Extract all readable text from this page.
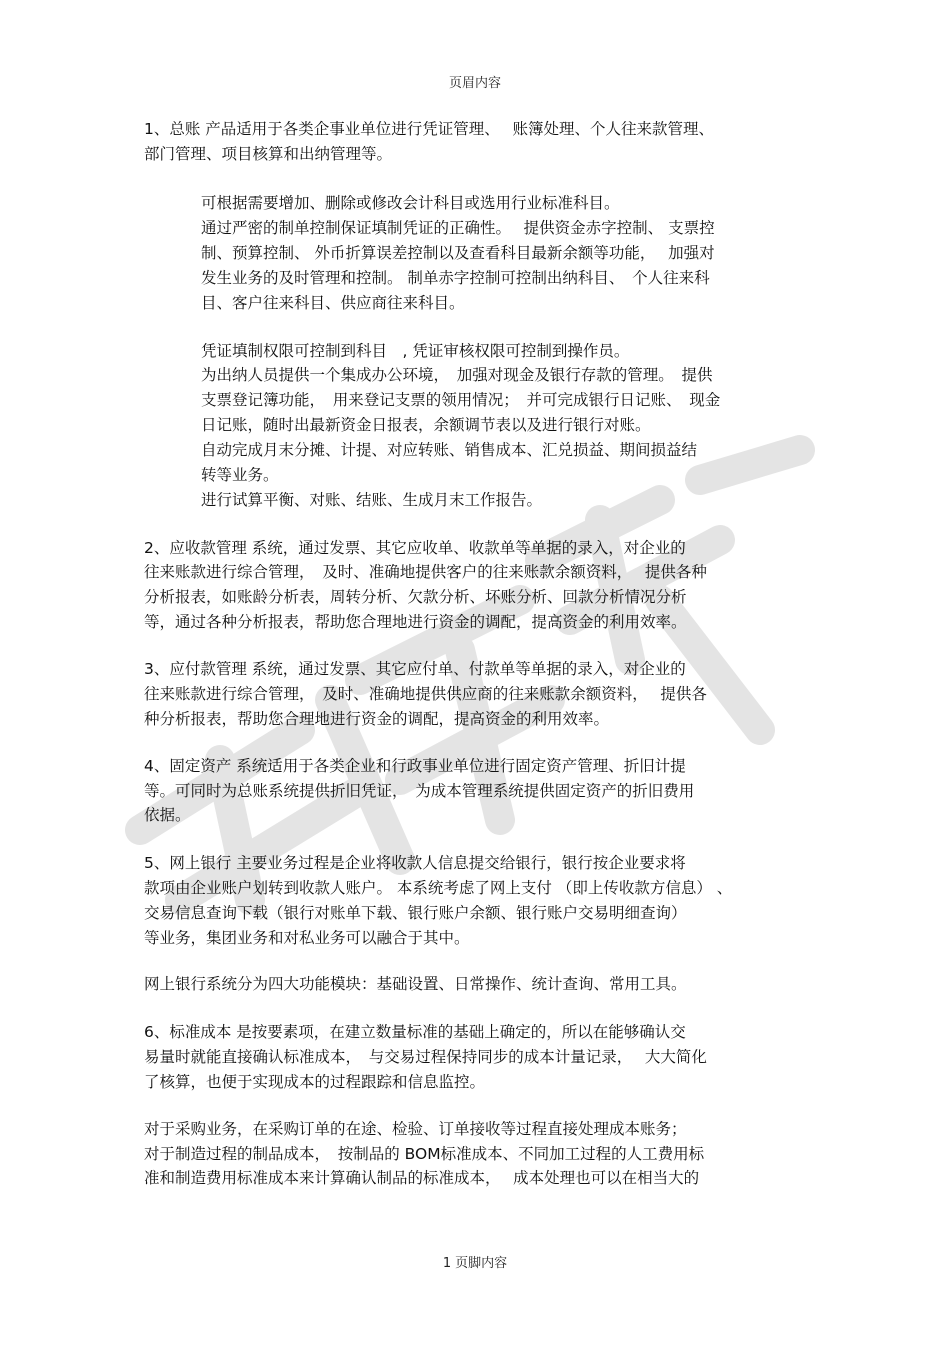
页眉内容
1、总账 产品适用于各类企事业单位进行凭证管理、　 账簿处理、个人往来款管理、
部门管理、项目核算和出纳管理等。
可根据需要增加、删除或修改会计科目或选用行业标准科目。
通过严密的制单控制保证填制凭证的正确性。　 提供资金赤字控制、 支票控
制、预算控制、 外币折算误差控制以及查看科目最新余额等功能，　 加强对
发生业务的及时管理和控制。 制单赤字控制可控制出纳科目、　个人往来科
目、客户往来科目、供应商往来科目。
凭证填制权限可控制到科目　, 凭证审核权限可控制到操作员。
为出纳人员提供一个集成办公环境，　加强对现金及银行存款的管理。　提供
支票登记簿功能，　用来登记支票的领用情况；　并可完成银行日记账、　现金
日记账，随时出最新资金日报表，余额调节表以及进行银行对账。
自动完成月末分摊、计提、对应转账、销售成本、汇兑损益、期间损益结
转等业务。
进行试算平衡、对账、结账、生成月末工作报告。
2、应收款管理 系统，通过发票、其它应收单、收款单等单据的录入，对企业的
往来账款进行综合管理，　及时、准确地提供客户的往来账款余额资料，　 提供各种
分析报表，如账龄分析表，周转分析、欠款分析、坏账分析、回款分析情况分析
等，通过各种分析报表，帮助您合理地进行资金的调配，提高资金的利用效率。
3、应付款管理 系统，通过发票、其它应付单、付款单等单据的录入，对企业的
往来账款进行综合管理，　及时、准确地提供供应商的往来账款余额资料，　 提供各
种分析报表，帮助您合理地进行资金的调配，提高资金的利用效率。
4、固定资产 系统适用于各类企业和行政事业单位进行固定资产管理、折旧计提
等。可同时为总账系统提供折旧凭证，　为成本管理系统提供固定资产的折旧费用
依据。
5、网上银行 主要业务过程是企业将收款人信息提交给银行，银行按企业要求将
款项由企业账户划转到收款人账户。 本系统考虑了网上支付 （即上传收款方信息） 、
交易信息查询下载（银行对账单下载、银行账户余额、银行账户交易明细查询）
等业务，集团业务和对私业务可以融合于其中。
网上银行系统分为四大功能模块：基础设置、日常操作、统计查询、常用工具。
6、标准成本 是按要素项，在建立数量标准的基础上确定的，所以在能够确认交
易量时就能直接确认标准成本，　与交易过程保持同步的成本计量记录，　 大大简化
了核算，也便于实现成本的过程跟踪和信息监控。
对于采购业务，在采购订单的在途、检验、订单接收等过程直接处理成本账务；
对于制造过程的制品成本，　按制品的 BOM标准成本、不同加工过程的人工费用标
准和制造费用标准成本来计算确认制品的标准成本，　 成本处理也可以在相当大的
1 页脚内容
